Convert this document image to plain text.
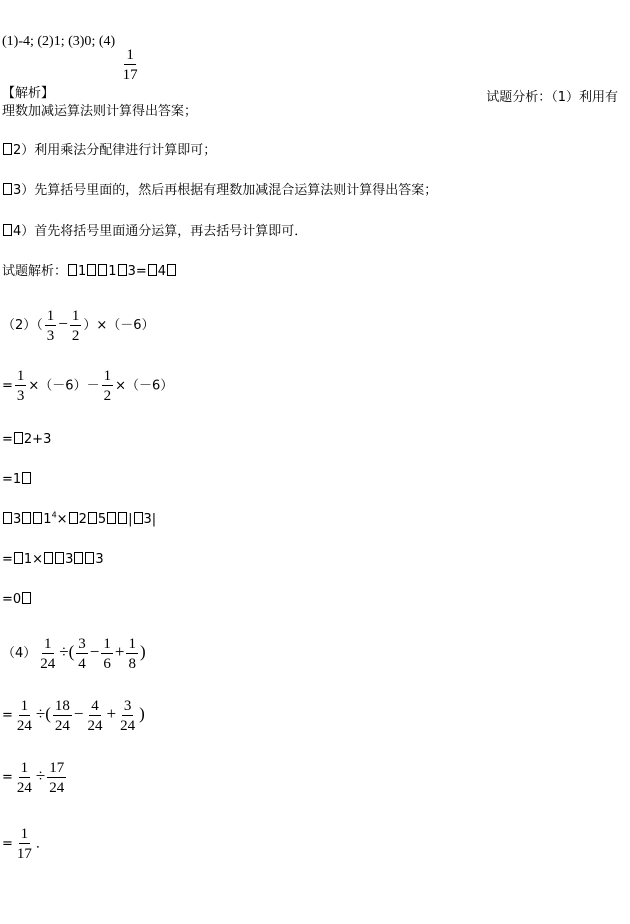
(1)-4; (2)1; (3)0; (4)
$\frac{1}{17}$
【解析】	试题分析：（1）利用有
理数加减运算法则计算得出答案；
2）利用乘法分配律进行计算即可；
3）先算括号里面的，然后再根据有理数加减混合运算法则计算得出答案；
4）首先将括号里面通分运算，再去括号计算即可．
试题解析： 1 1 3= 4
$(2)( \frac{1}{3} - \frac{1}{2} )\times(-6)$
= $\frac{1}{3} \times(-6)- \frac{1}{2} \times(-6)$
= 2+3
=1
3 $1^4\times 2$ 5 | 3|
= 1× 3 3
=0
$(4) \frac{1}{24}$ ÷( $\frac{3}{4} - \frac{1}{6} + \frac{1}{8}$ )
= $\frac{1}{24}$ ÷( $\frac{18}{24} - \frac{4}{24} + \frac{3}{24}$ )
= $\frac{1}{24} \div \frac{17}{24}$
= $\frac{1}{17}$ ．
